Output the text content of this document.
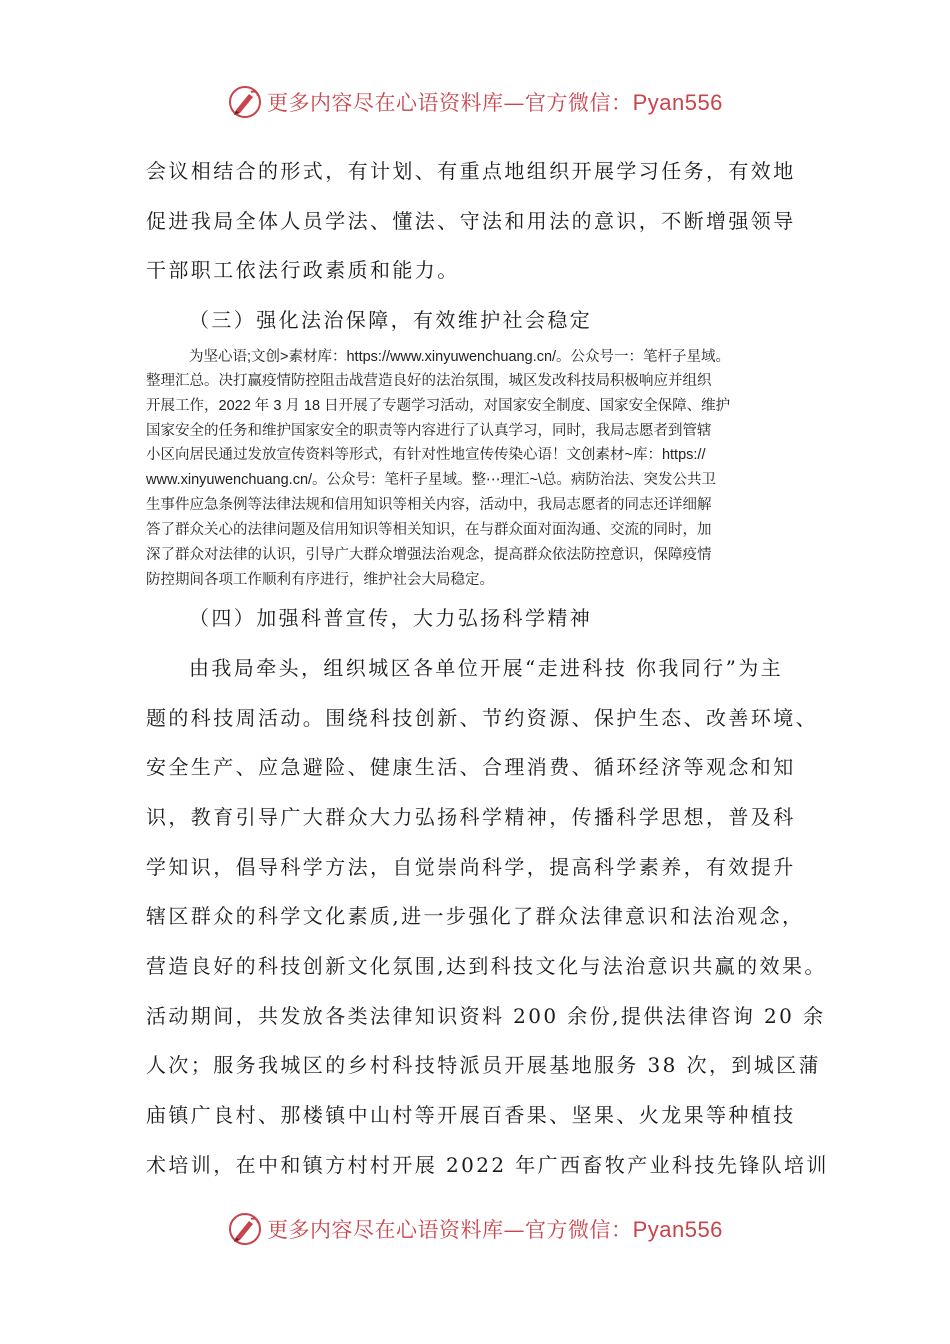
更多内容尽在心语资料库—官方微信：Pyan556
会议相结合的形式，有计划、有重点地组织开展学习任务，有效地
促进我局全体人员学法、懂法、守法和用法的意识，不断增强领导
干部职工依法行政素质和能力。
（三）强化法治保障，有效维护社会稳定
为坚心语;文创>素材库：https://www.xinyuwenchuang.cn/。公众号一：笔杆子星域。
整理汇总。决打赢疫情防控阻击战营造良好的法治氛围，城区发改科技局积极响应并组织
开展工作，2022 年 3 月 18 日开展了专题学习活动，对国家安全制度、国家安全保障、维护
国家安全的任务和维护国家安全的职责等内容进行了认真学习，同时，我局志愿者到管辖
小区向居民通过发放宣传资料等形式，有针对性地宣传传染心语！文创素材~库：https://
www.xinyuwenchuang.cn/。公众号：笔杆子星域。整⋯理汇~\总。病防治法、突发公共卫
生事件应急条例等法律法规和信用知识等相关内容，活动中，我局志愿者的同志还详细解
答了群众关心的法律问题及信用知识等相关知识，在与群众面对面沟通、交流的同时，加
深了群众对法律的认识，引导广大群众增强法治观念，提高群众依法防控意识，保障疫情
防控期间各项工作顺利有序进行，维护社会大局稳定。
（四）加强科普宣传，大力弘扬科学精神
由我局牵头，组织城区各单位开展“走进科技 你我同行”为主
题的科技周活动。围绕科技创新、节约资源、保护生态、改善环境、
安全生产、应急避险、健康生活、合理消费、循环经济等观念和知
识，教育引导广大群众大力弘扬科学精神，传播科学思想，普及科
学知识，倡导科学方法，自觉崇尚科学，提高科学素养，有效提升
辖区群众的科学文化素质,进一步强化了群众法律意识和法治观念，
营造良好的科技创新文化氛围,达到科技文化与法治意识共赢的效果。
活动期间，共发放各类法律知识资料 200 余份,提供法律咨询 20 余
人次；服务我城区的乡村科技特派员开展基地服务 38 次，到城区蒲
庙镇广良村、那楼镇中山村等开展百香果、坚果、火龙果等种植技
术培训，在中和镇方村村开展 2022 年广西畜牧产业科技先锋队培训
更多内容尽在心语资料库—官方微信：Pyan556
